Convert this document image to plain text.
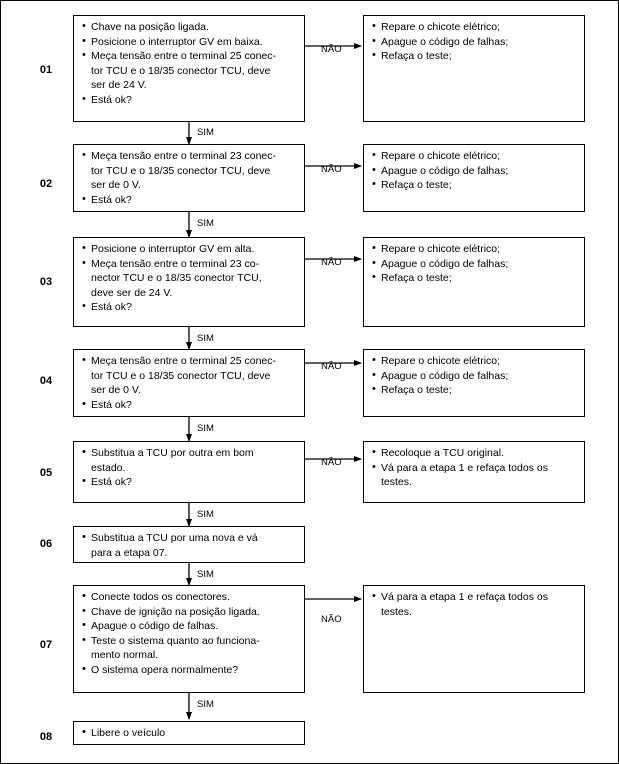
01
• Chave na posição ligada.
• Posicione o interruptor GV em baixa.
• Meça tensão entre o terminal 25 conec-
tor TCU e o 18/35 conector TCU, deve
ser de 24 V.
• Está ok?
NÃO
• Repare o chicote elétrico;
• Apague o código de falhas;
• Refaça o teste;
SIM
02
• Meça tensão entre o terminal 23 conec-
tor TCU e o 18/35 conector TCU, deve
ser de 0 V.
• Está ok?
NÃO
• Repare o chicote elétrico;
• Apague o código de falhas;
• Refaça o teste;
SIM
03
• Posicione o interruptor GV em alta.
• Meça tensão entre o terminal 23 co-
nector TCU e o 18/35 conector TCU,
deve ser de 24 V.
• Está ok?
NÃO
• Repare o chicote elétrico;
• Apague o código de falhas;
• Refaça o teste;
SIM
04
• Meça tensão entre o terminal 25 conec-
tor TCU e o 18/35 conector TCU, deve
ser de 0 V.
• Está ok?
NÃO	• Repare o chicote elétrico;
• Apague o código de falhas;
• Refaça o teste;
SIM
05
• Substitua a TCU por outra em bom
estado.
• Está ok?
NÃO
• Recoloque a TCU original.
• Vá para a etapa 1 e refaça todos os
testes.
SIM
06	• Substitua a TCU por uma nova e vá
para a etapa 07.
SIM
07
• Conecte todos os conectores.
• Chave de ignição na posição ligada.
• Apague o código de falhas.
• Teste o sistema quanto ao funciona-
mento normal.
• O sistema opera normalmente?
NÃO
• Vá para a etapa 1 e refaça todos os
testes.
SIM
08	• Libere o veículo
